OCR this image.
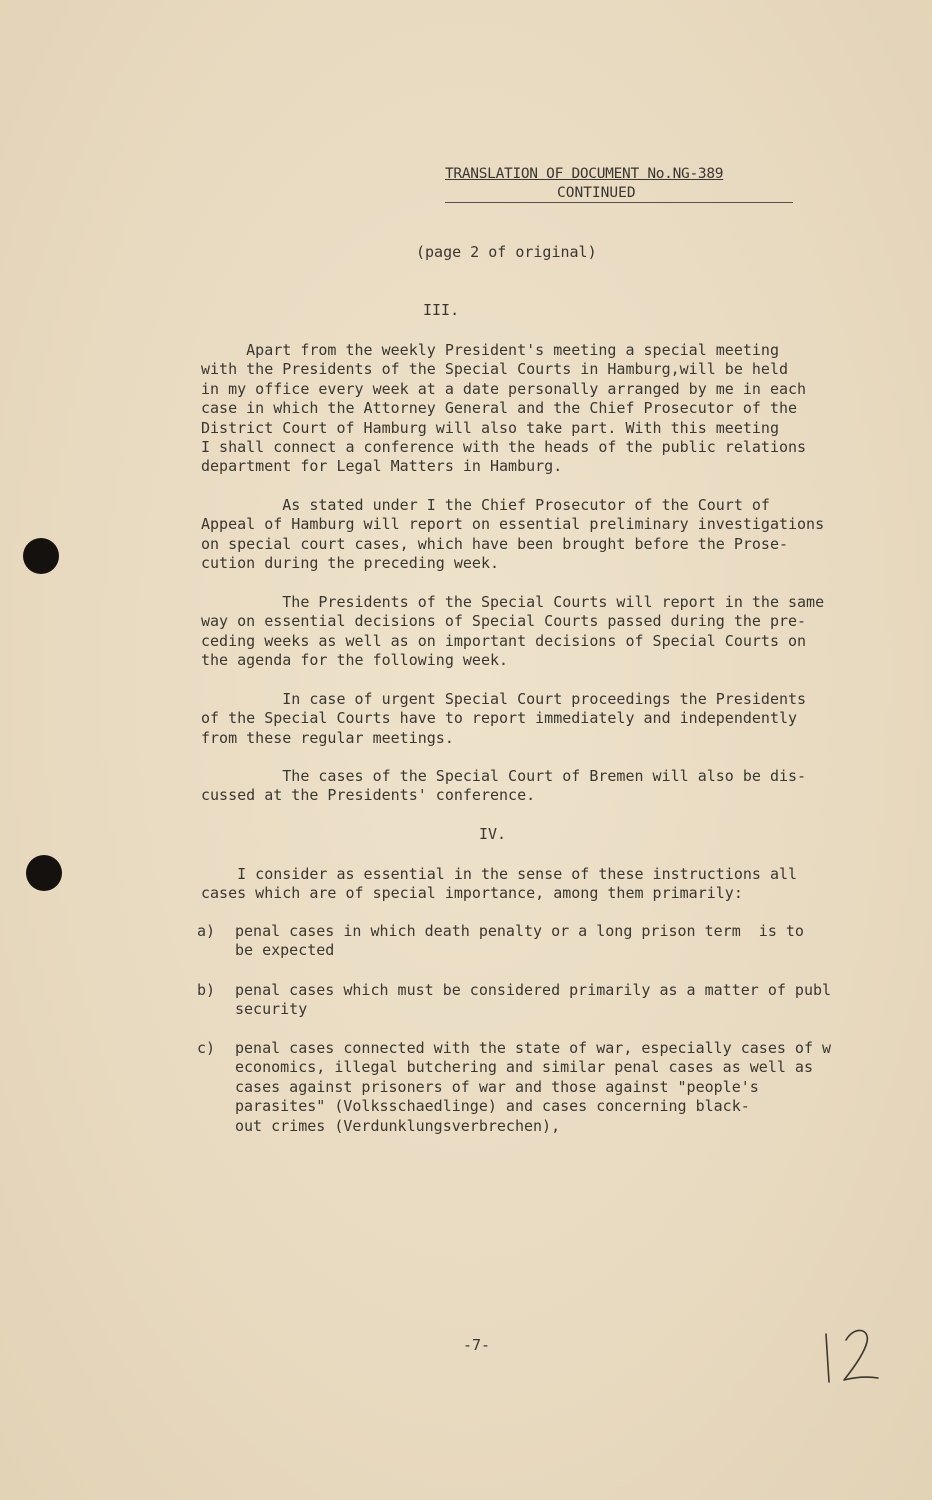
TRANSLATION OF DOCUMENT No.NG-389
CONTINUED
(page 2 of original)
III.

Apart from the weekly President's meeting a special meeting
with the Presidents of the Special Courts in Hamburg,will be held
in my office every week at a date personally arranged by me in each
case in which the Attorney General and the Chief Prosecutor of the
District Court of Hamburg will also take part. With this meeting
I shall connect a conference with the heads of the public relations
department for Legal Matters in Hamburg.

As stated under I the Chief Prosecutor of the Court of
Appeal of Hamburg will report on essential preliminary investigations
on special court cases, which have been brought before the Prose-
cution during the preceding week.

The Presidents of the Special Courts will report in the same
way on essential decisions of Special Courts passed during the pre-
ceding weeks as well as on important decisions of Special Courts on
the agenda for the following week.

In case of urgent Special Court proceedings the Presidents
of the Special Courts have to report immediately and independently
from these regular meetings.

The cases of the Special Court of Bremen will also be dis-
cussed at the Presidents' conference.

IV.

I consider as essential in the sense of these instructions all
cases which are of special importance, among them primarily:

a) penal cases in which death penalty or a long prison term  is to
be expected

b) penal cases which must be considered primarily as a matter of publ
security

c) penal cases connected with the state of war, especially cases of w
economics, illegal butchering and similar penal cases as well as
cases against prisoners of war and those against "people's
parasites" (Volksschaedlinge) and cases concerning black-
out crimes (Verdunklungsverbrechen),

-7-
